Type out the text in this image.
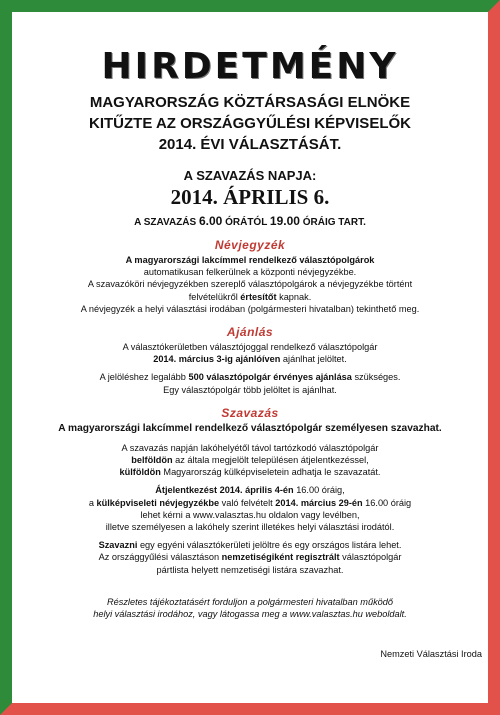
HIRDETMÉNY
MAGYARORSZÁG KÖZTÁRSASÁGI ELNÖKE
KITŰZTE AZ ORSZÁGGYŰLÉSI KÉPVISELŐK
2014. ÉVI VÁLASZTÁSÁT.
A SZAVAZÁS NAPJA:
2014. ÁPRILIS 6.
A SZAVAZÁS 6.00 ÓRÁTÓL 19.00 ÓRÁIG TART.
Névjegyzék

A magyarországi lakcímmel rendelkező választópolgárok

automatikusan felkerülnek a központi névjegyzékbe.

A szavazóköri névjegyzékben szereplő választópolgárok a névjegyzékbe történt

felvételükről értesítőt kapnak.

A névjegyzék a helyi választási irodában (polgármesteri hivatalban) tekinthető meg.

Ajánlás

A választókerületben választójoggal rendelkező választópolgár

2014. március 3-ig ajánlóíven ajánlhat jelöltet.

A jelöléshez legalább 500 választópolgár érvényes ajánlása szükséges.

Egy választópolgár több jelöltet is ajánlhat.

Szavazás

A magyarországi lakcímmel rendelkező választópolgár személyesen szavazhat.

A szavazás napján lakóhelyétől távol tartózkodó választópolgár

belföldön az általa megjelölt településen átjelentkezéssel,

külföldön Magyarország külképviseletein adhatja le szavazatát.

Átjelentkezést 2014. április 4-én 16.00 óráig,

a külképviseleti névjegyzékbe való felvételt 2014. március 29-én 16.00 óráig

lehet kérni a www.valasztas.hu oldalon vagy levélben,

illetve személyesen a lakóhely szerint illetékes helyi választási irodától.

Szavazni egy egyéni választókerületi jelöltre és egy országos listára lehet.

Az országgyűlési választáson nemzetiségiként regisztrált választópolgár

pártlista helyett nemzetiségi listára szavazhat.

Részletes tájékoztatásért forduljon a polgármesteri hivatalban működő
helyi választási irodához, vagy látogassa meg a www.valasztas.hu weboldalt.
Nemzeti Választási Iroda
